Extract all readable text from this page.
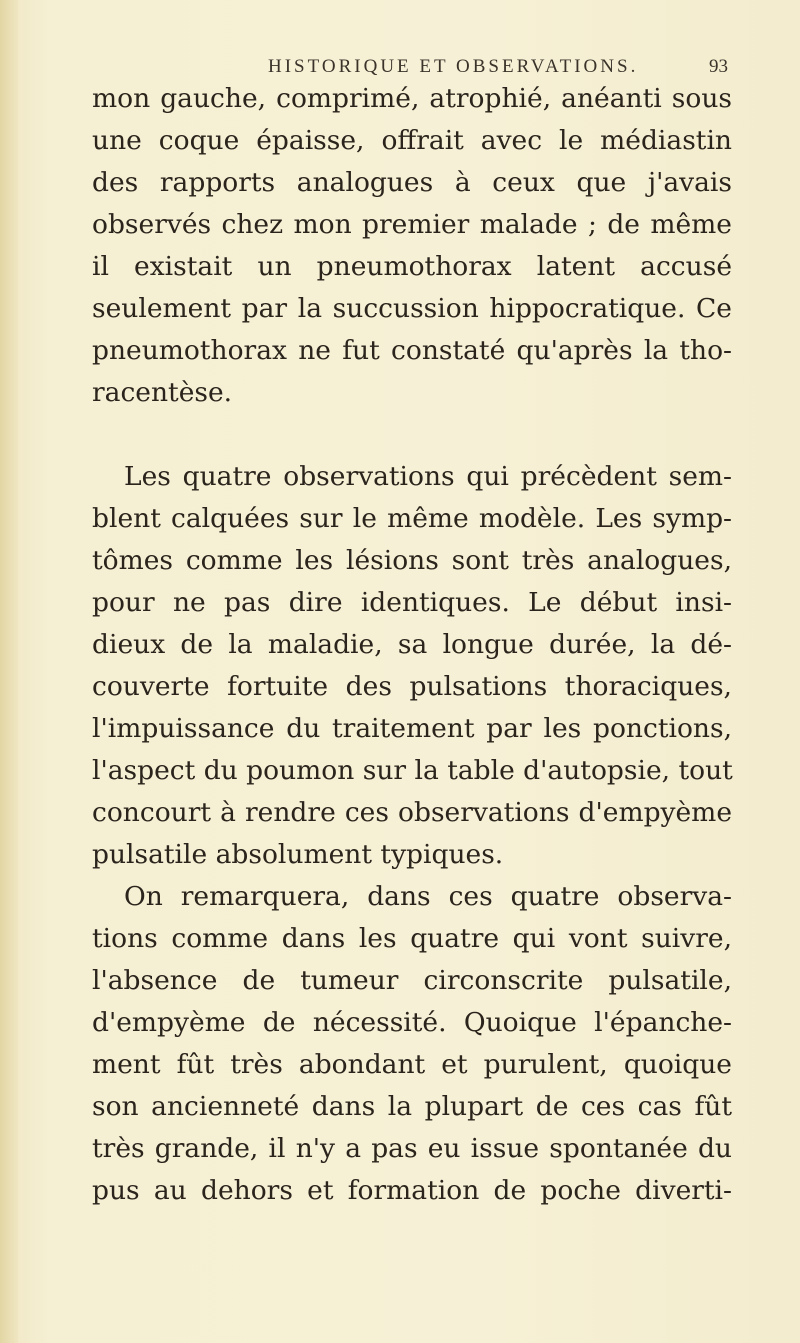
HISTORIQUE ET OBSERVATIONS.	93
mon gauche, comprimé, atrophié, anéanti sous
une coque épaisse, offrait avec le médiastin
des rapports analogues à ceux que j'avais
observés chez mon premier malade ; de même
il existait un pneumothorax latent accusé
seulement par la succussion hippocratique. Ce
pneumothorax ne fut constaté qu'après la tho-
racentèse.
Les quatre observations qui précèdent sem-
blent calquées sur le même modèle. Les symp-
tômes comme les lésions sont très analogues,
pour ne pas dire identiques. Le début insi-
dieux de la maladie, sa longue durée, la dé-
couverte fortuite des pulsations thoraciques,
l'impuissance du traitement par les ponctions,
l'aspect du poumon sur la table d'autopsie, tout
concourt à rendre ces observations d'empyème
pulsatile absolument typiques.
On remarquera, dans ces quatre observa-
tions comme dans les quatre qui vont suivre,
l'absence de tumeur circonscrite pulsatile,
d'empyème de nécessité. Quoique l'épanche-
ment fût très abondant et purulent, quoique
son ancienneté dans la plupart de ces cas fût
très grande, il n'y a pas eu issue spontanée du
pus au dehors et formation de poche diverti-
